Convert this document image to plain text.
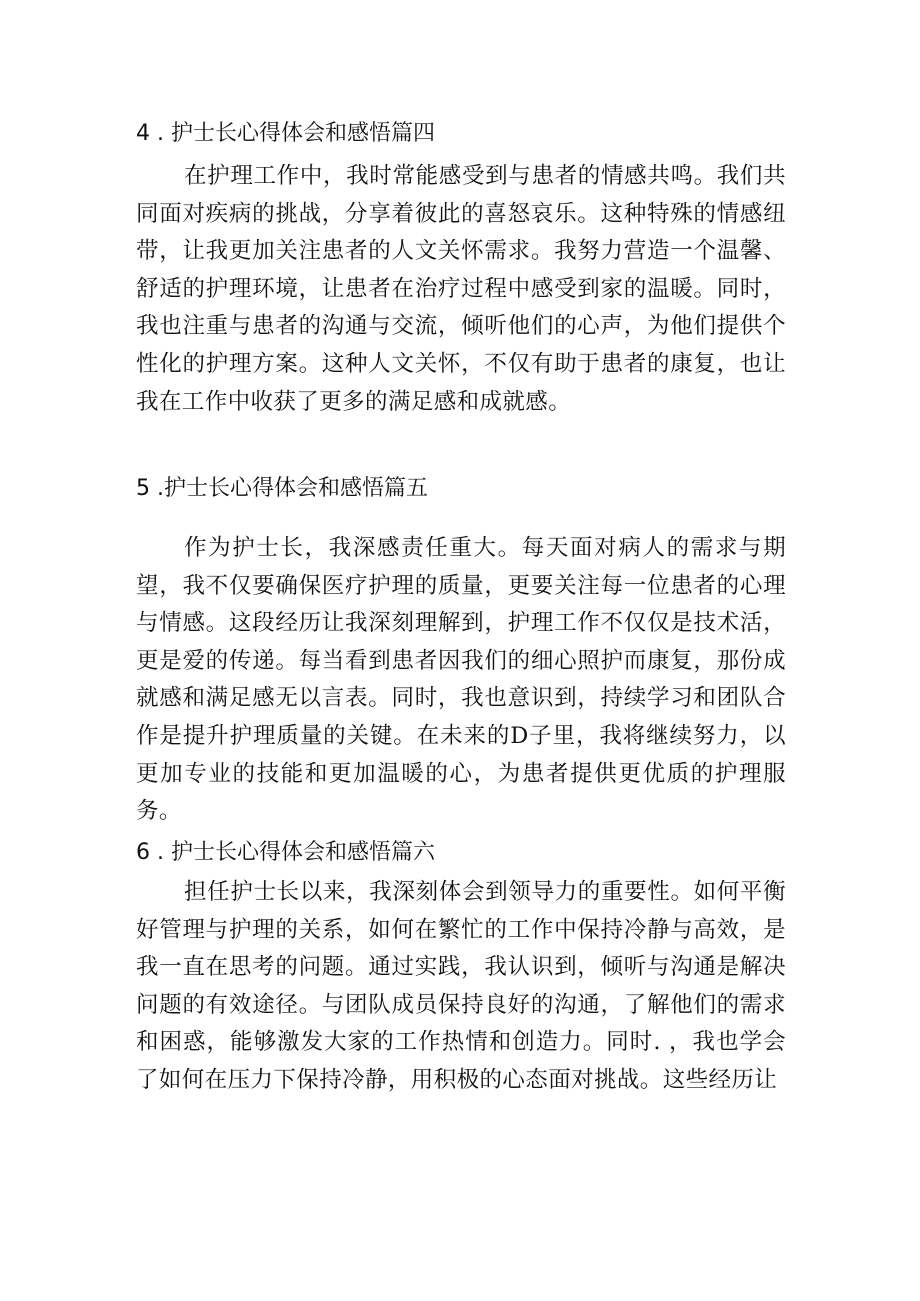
4 . 护士长心得体会和感悟篇四

在护理工作中，我时常能感受到与患者的情感共鸣。我们共同面对疾病的挑战，分享着彼此的喜怒哀乐。这种特殊的情感纽带，让我更加关注患者的人文关怀需求。我努力营造一个温馨、舒适的护理环境，让患者在治疗过程中感受到家的温暖。同时，我也注重与患者的沟通与交流，倾听他们的心声，为他们提供个性化的护理方案。这种人文关怀，不仅有助于患者的康复，也让我在工作中收获了更多的满足感和成就感。

5 .护士长心得体会和感悟篇五

作为护士长，我深感责任重大。每天面对病人的需求与期望，我不仅要确保医疗护理的质量，更要关注每一位患者的心理与情感。这段经历让我深刻理解到，护理工作不仅仅是技术活，更是爱的传递。每当看到患者因我们的细心照护而康复，那份成就感和满足感无以言表。同时，我也意识到，持续学习和团队合作是提升护理质量的关键。在未来的D子里，我将继续努力，以更加专业的技能和更加温暖的心，为患者提供更优质的护理服务。

6 . 护士长心得体会和感悟篇六

担任护士长以来，我深刻体会到领导力的重要性。如何平衡好管理与护理的关系，如何在繁忙的工作中保持冷静与高效，是我一直在思考的问题。通过实践，我认识到，倾听与沟通是解决问题的有效途径。与团队成员保持良好的沟通，了解他们的需求和困惑，能够激发大家的工作热情和创造力。同时. ，我也学会了如何在压力下保持冷静，用积极的心态面对挑战。这些经历让
